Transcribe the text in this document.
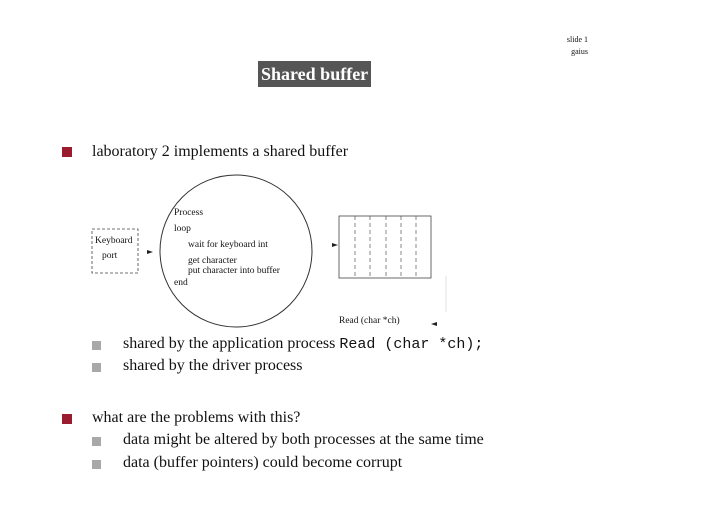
slide 1
gaius
Shared buffer
laboratory 2 implements a shared buffer
Keyboard
port
Process
loop
wait for keyboard int
get character
put character into buffer
end
Read (char *ch)
shared by the application process Read (char *ch);
shared by the driver process
what are the problems with this?
data might be altered by both processes at the same time
data (buffer pointers) could become corrupt
